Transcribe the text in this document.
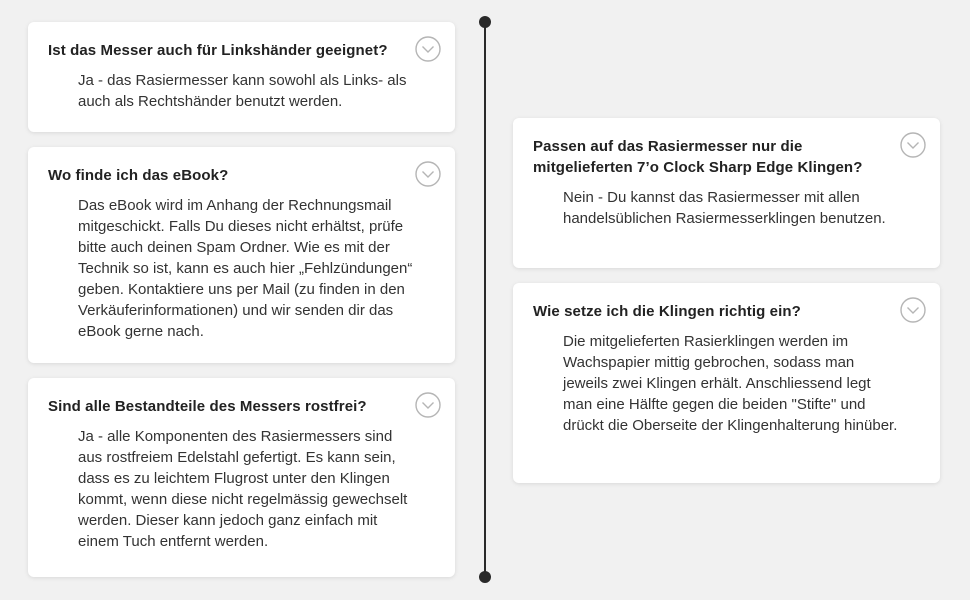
Ist das Messer auch für Linkshänder geeignet?

Ja - das Rasiermesser kann sowohl als Links- als auch als Rechtshänder benutzt werden.

Wo finde ich das eBook?

Das eBook wird im Anhang der Rechnungsmail mitgeschickt. Falls Du dieses nicht erhältst, prüfe bitte auch deinen Spam Ordner. Wie es mit der Technik so ist, kann es auch hier „Fehlzündungen“ geben. Kontaktiere uns per Mail (zu finden in den Verkäuferinformationen) und wir senden dir das eBook gerne nach.

Sind alle Bestandteile des Messers rostfrei?

Ja - alle Komponenten des Rasiermessers sind aus rostfreiem Edelstahl gefertigt. Es kann sein, dass es zu leichtem Flugrost unter den Klingen kommt, wenn diese nicht regelmässig gewechselt werden. Dieser kann jedoch ganz einfach mit einem Tuch entfernt werden.

Passen auf das Rasiermesser nur die mitgelieferten 7’o Clock Sharp Edge Klingen?

Nein - Du kannst das Rasiermesser mit allen handelsüblichen Rasiermesserklingen benutzen.

Wie setze ich die Klingen richtig ein?

Die mitgelieferten Rasierklingen werden im Wachspapier mittig gebrochen, sodass man jeweils zwei Klingen erhält. Anschliessend legt man eine Hälfte gegen die beiden "Stifte" und drückt die Oberseite der Klingenhalterung hinüber.
